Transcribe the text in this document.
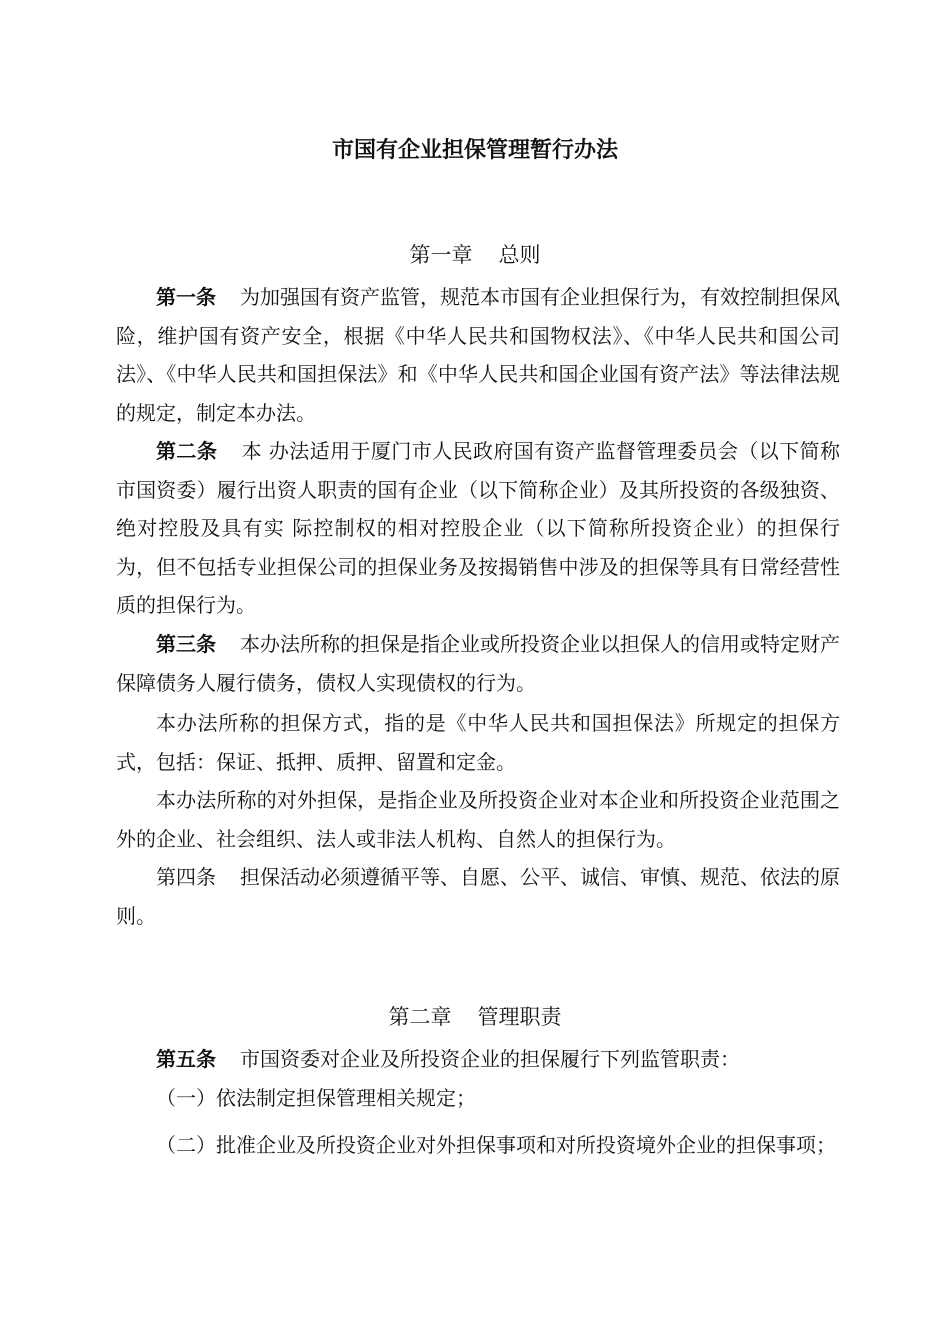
市国有企业担保管理暂行办法
第一章 总则
第一条 为加强国有资产监管，规范本市国有企业担保行为，有效控制担保风险，维护国有资产安全，根据《中华人民共和国物权法》、《中华人民共和国公司法》、《中华人民共和国担保法》和《中华人民共和国企业国有资产法》等法律法规的规定，制定本办法。
第二条 本 办法适用于厦门市人民政府国有资产监督管理委员会（以下简称市国资委）履行出资人职责的国有企业（以下简称企业）及其所投资的各级独资、绝对控股及具有实 际控制权的相对控股企业（以下简称所投资企业）的担保行为，但不包括专业担保公司的担保业务及按揭销售中涉及的担保等具有日常经营性质的担保行为。
第三条 本办法所称的担保是指企业或所投资企业以担保人的信用或特定财产保障债务人履行债务，债权人实现债权的行为。
本办法所称的担保方式，指的是《中华人民共和国担保法》所规定的担保方式，包括：保证、抵押、质押、留置和定金。
本办法所称的对外担保，是指企业及所投资企业对本企业和所投资企业范围之外的企业、社会组织、法人或非法人机构、自然人的担保行为。
第四条 担保活动必须遵循平等、自愿、公平、诚信、审慎、规范、依法的原则。
第二章 管理职责
第五条 市国资委对企业及所投资企业的担保履行下列监管职责：
（一）依法制定担保管理相关规定；
（二）批准企业及所投资企业对外担保事项和对所投资境外企业的担保事项；
